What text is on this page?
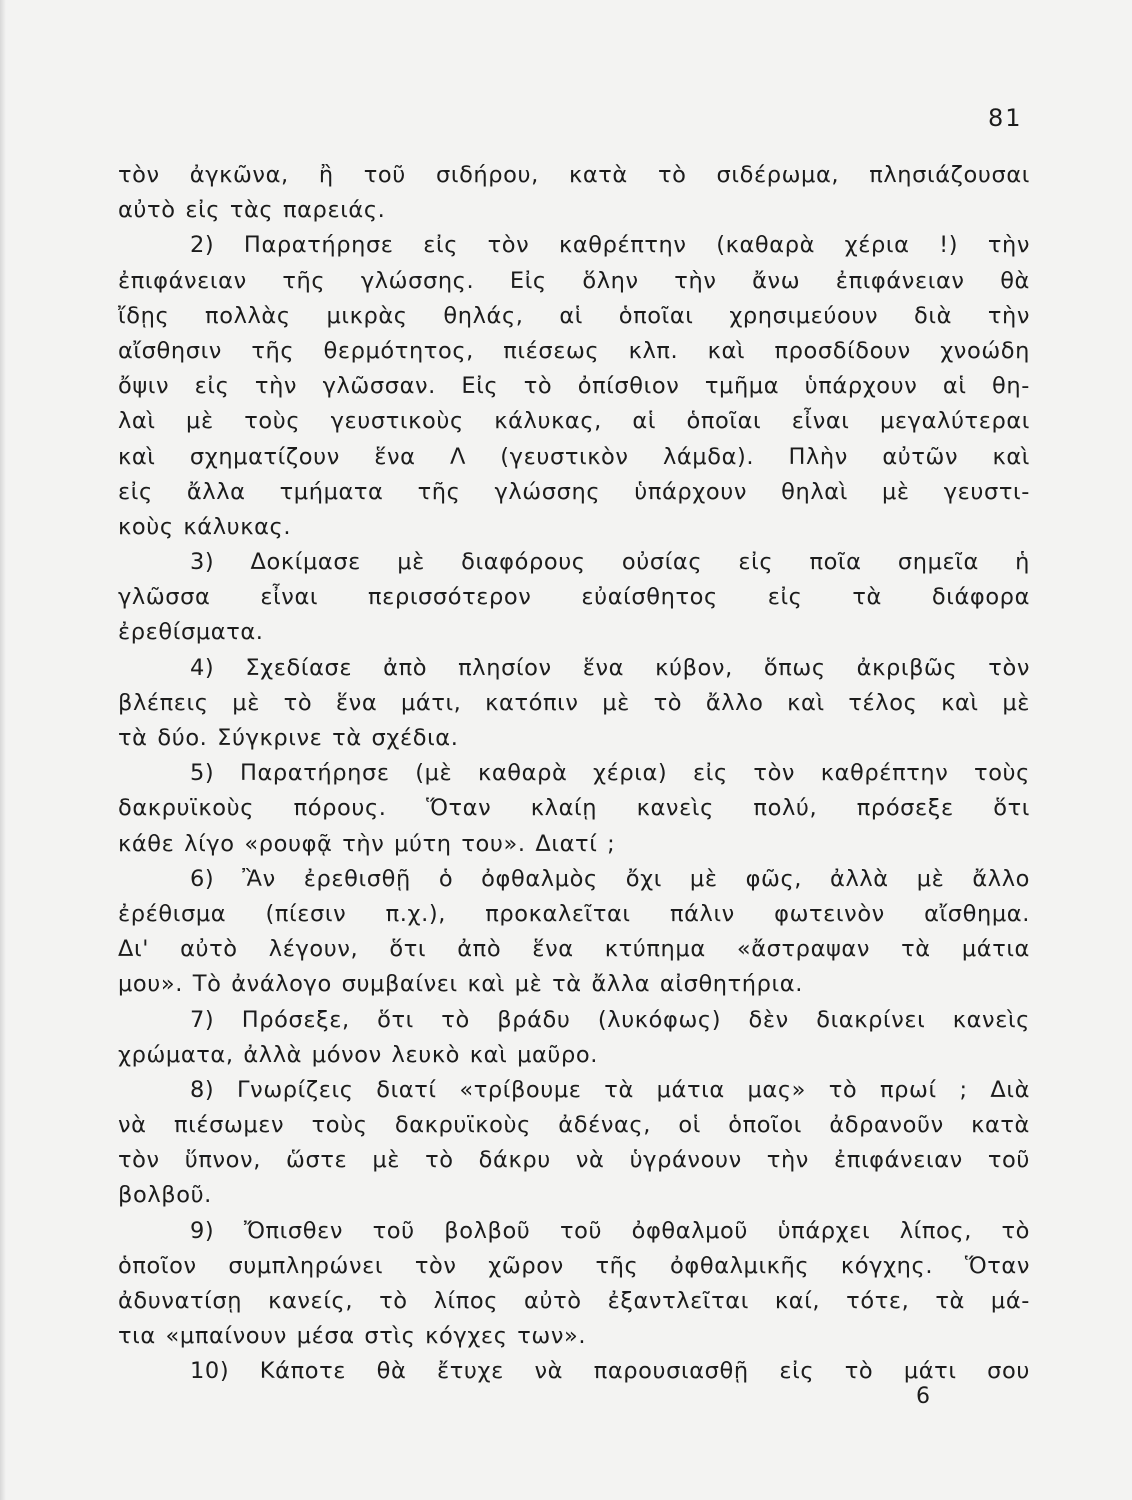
81
τὸν ἀγκῶνα, ἢ τοῦ σιδήρου, κατὰ τὸ σιδέρωμα, πλησιάζουσαι
αὐτὸ εἰς τὰς παρειάς.
2) Παρατήρησε εἰς τὸν καθρέπτην (καθαρὰ χέρια !) τὴν
ἐπιφάνειαν τῆς γλώσσης. Εἰς ὅλην τὴν ἄνω ἐπιφάνειαν θὰ
ἴδῃς πολλὰς μικρὰς θηλάς, αἱ ὁποῖαι χρησιμεύουν διὰ τὴν
αἴσθησιν τῆς θερμότητος, πιέσεως κλπ. καὶ προσδίδουν χνοώδη
ὄψιν εἰς τὴν γλῶσσαν. Εἰς τὸ ὀπίσθιον τμῆμα ὑπάρχουν αἱ θη-
λαὶ μὲ τοὺς γευστικοὺς κάλυκας, αἱ ὁποῖαι εἶναι μεγαλύτεραι
καὶ σχηματίζουν ἕνα Λ (γευστικὸν λάμδα). Πλὴν αὐτῶν καὶ
εἰς ἄλλα τμήματα τῆς γλώσσης ὑπάρχουν θηλαὶ μὲ γευστι-
κοὺς κάλυκας.
3) Δοκίμασε μὲ διαφόρους οὐσίας εἰς ποῖα σημεῖα ἡ
γλῶσσα εἶναι περισσότερον εὐαίσθητος εἰς τὰ διάφορα
ἐρεθίσματα.
4) Σχεδίασε ἀπὸ πλησίον ἕνα κύβον, ὅπως ἀκριβῶς τὸν
βλέπεις μὲ τὸ ἕνα μάτι, κατόπιν μὲ τὸ ἄλλο καὶ τέλος καὶ μὲ
τὰ δύο. Σύγκρινε τὰ σχέδια.
5) Παρατήρησε (μὲ καθαρὰ χέρια) εἰς τὸν καθρέπτην τοὺς
δακρυϊκοὺς πόρους. Ὅταν κλαίῃ κανεὶς πολύ, πρόσεξε ὅτι
κάθε λίγο «ρουφᾷ τὴν μύτη του». Διατί ;
6) Ἂν ἐρεθισθῇ ὁ ὀφθαλμὸς ὄχι μὲ φῶς, ἀλλὰ μὲ ἄλλο
ἐρέθισμα (πίεσιν π.χ.), προκαλεῖται πάλιν φωτεινὸν αἴσθημα.
Δι' αὐτὸ λέγουν, ὅτι ἀπὸ ἕνα κτύπημα «ἄστραψαν τὰ μάτια
μου». Τὸ ἀνάλογο συμβαίνει καὶ μὲ τὰ ἄλλα αἰσθητήρια.
7) Πρόσεξε, ὅτι τὸ βράδυ (λυκόφως) δὲν διακρίνει κανεὶς
χρώματα, ἀλλὰ μόνον λευκὸ καὶ μαῦρο.
8) Γνωρίζεις διατί «τρίβουμε τὰ μάτια μας» τὸ πρωί ; Διὰ
νὰ πιέσωμεν τοὺς δακρυϊκοὺς ἀδένας, οἱ ὁποῖοι ἀδρανοῦν κατὰ
τὸν ὕπνον, ὥστε μὲ τὸ δάκρυ νὰ ὑγράνουν τὴν ἐπιφάνειαν τοῦ
βολβοῦ.
9) Ὄπισθεν τοῦ βολβοῦ τοῦ ὀφθαλμοῦ ὑπάρχει λίπος, τὸ
ὁποῖον συμπληρώνει τὸν χῶρον τῆς ὀφθαλμικῆς κόγχης. Ὅταν
ἀδυνατίσῃ κανείς, τὸ λίπος αὐτὸ ἐξαντλεῖται καί, τότε, τὰ μά-
τια «μπαίνουν μέσα στὶς κόγχες των».
10) Κάποτε θὰ ἔτυχε νὰ παρουσιασθῇ εἰς τὸ μάτι σου
6
